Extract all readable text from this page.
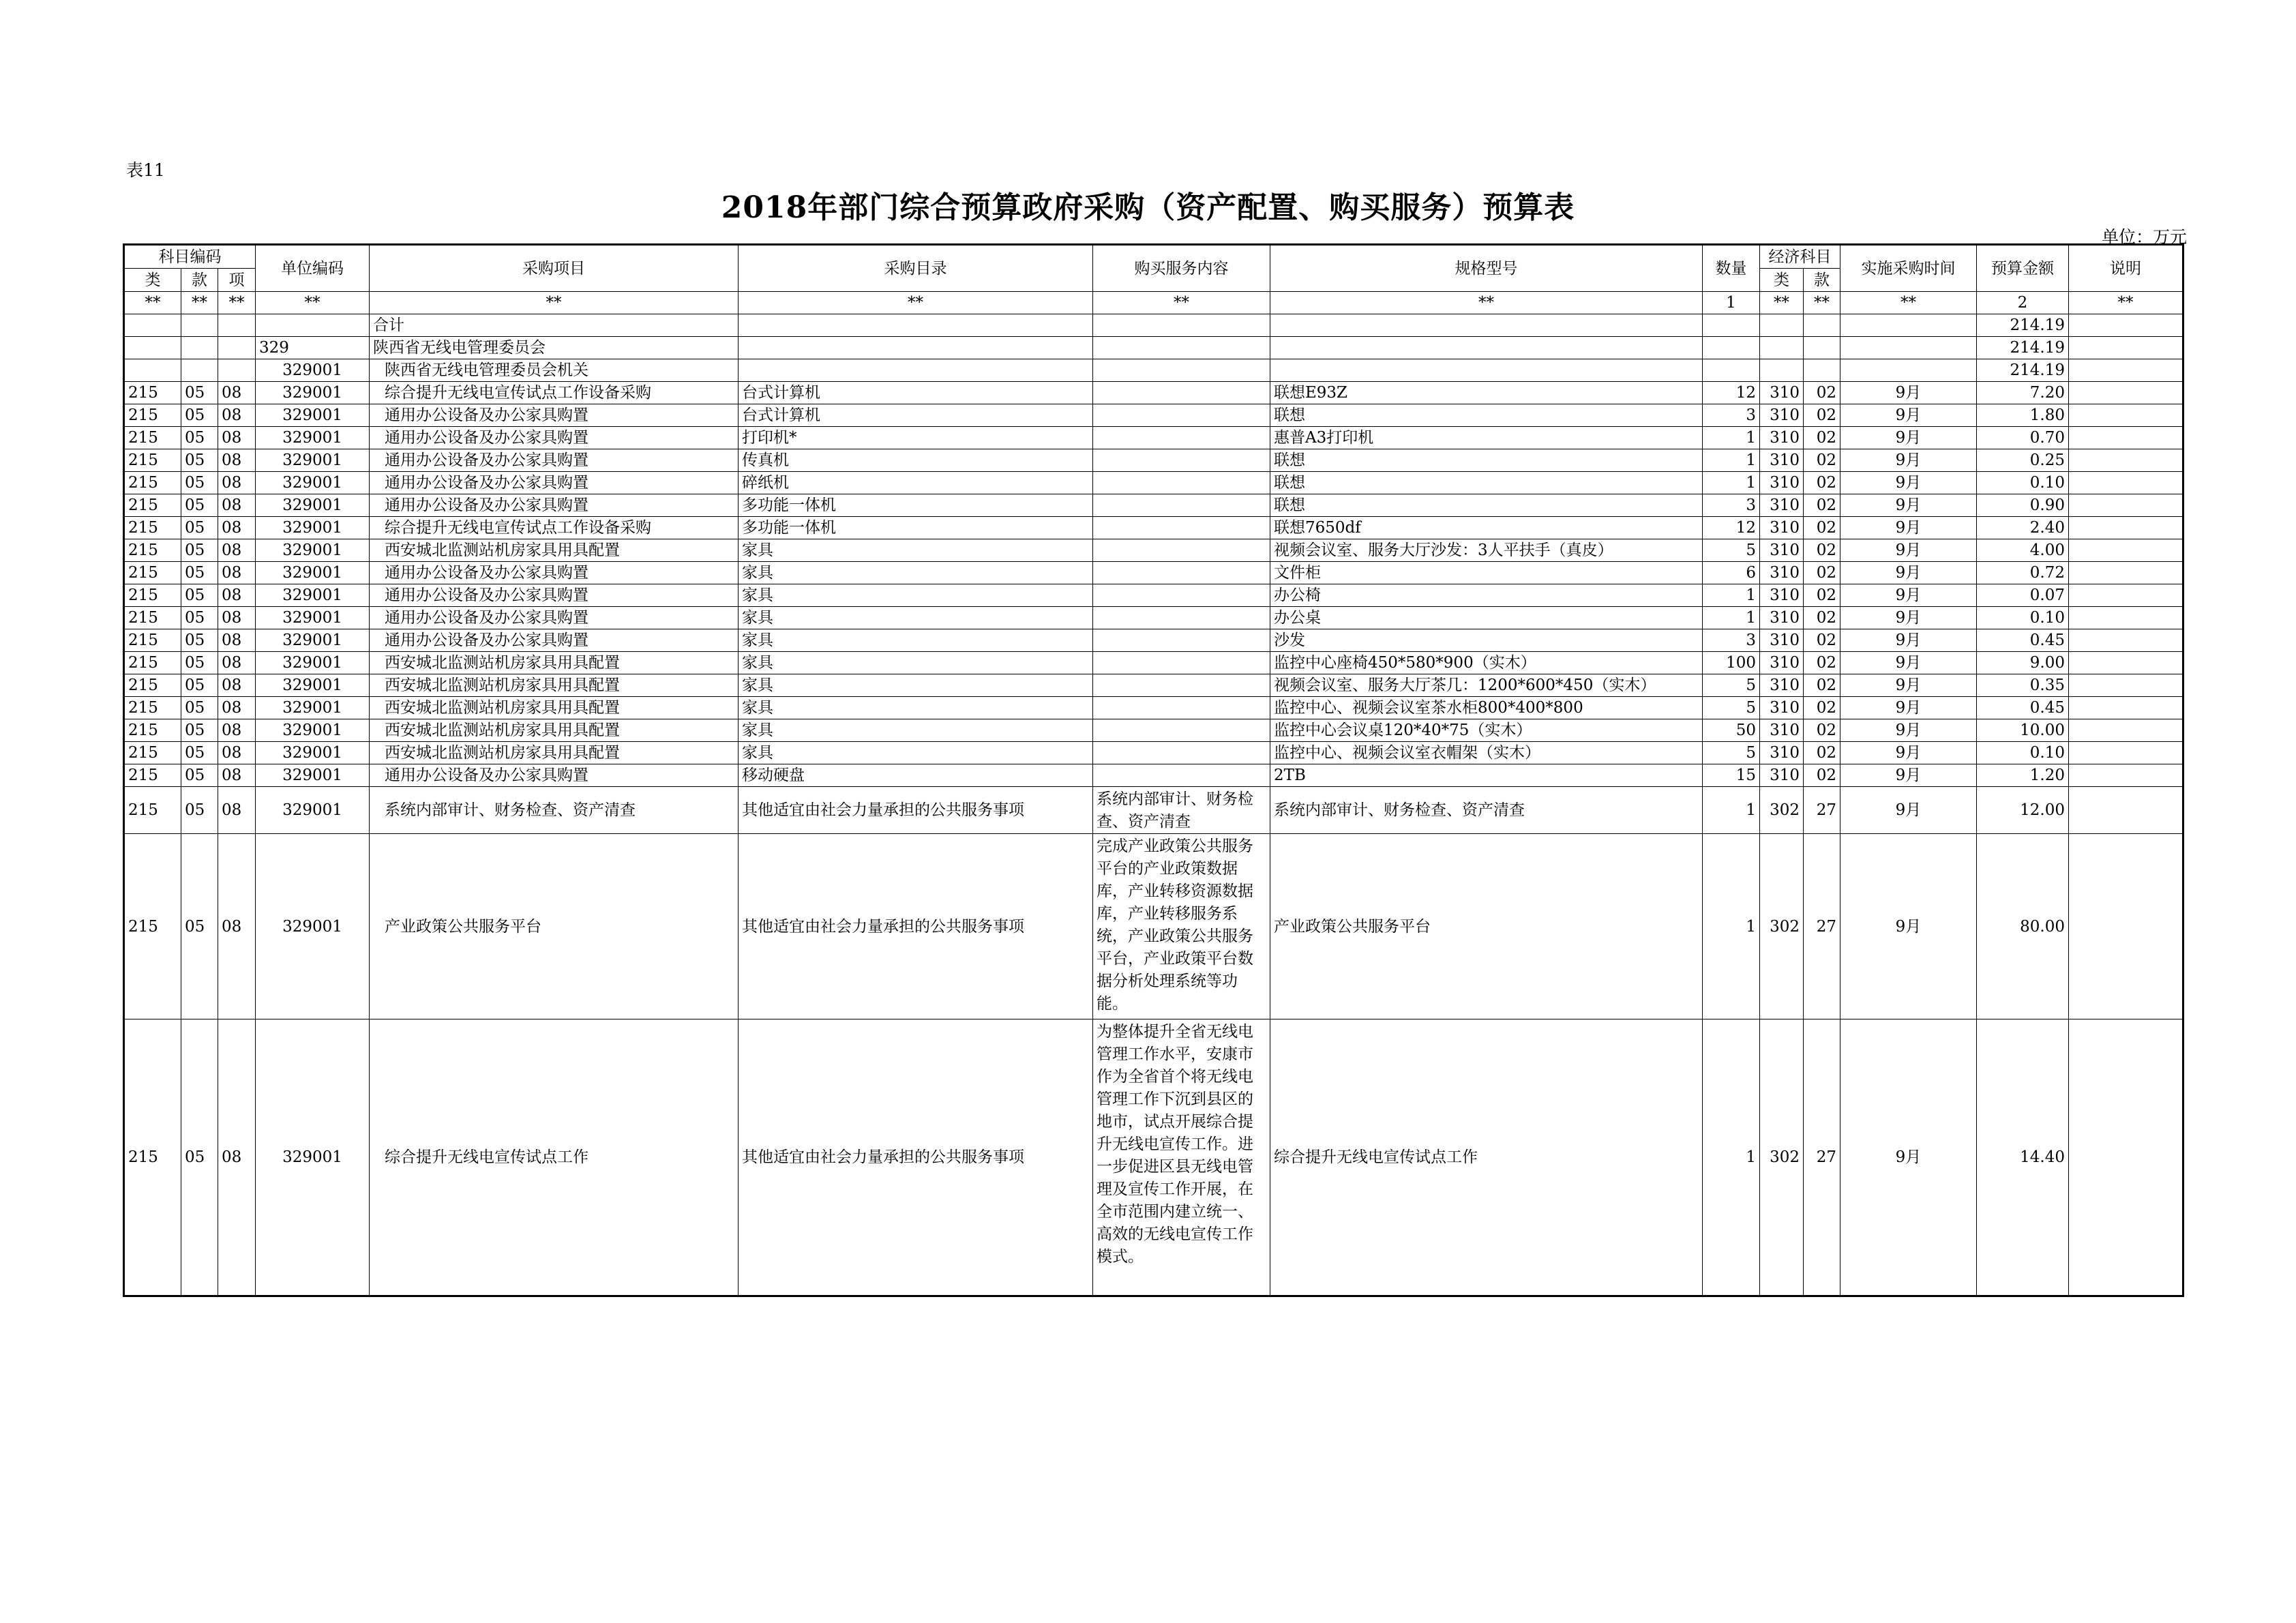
表11
2018年部门综合预算政府采购（资产配置、购买服务）预算表
单位：万元
科目编码			单位编码	采购项目	采购目录	购买服务内容	规格型号	数量	经济科目		实施采购时间	预算金额	说明
类	款	项							类	款			
**	**	**	**	**	**	**	**	1	**	**	**	2	**
				合计								214.19	
			329	陕西省无线电管理委员会								214.19	
			329001	陕西省无线电管理委员会机关								214.19	
215	05	08	329001	综合提升无线电宣传试点工作设备采购	台式计算机		联想E93Z	12	310	02	9月	7.20	
215	05	08	329001	通用办公设备及办公家具购置	台式计算机		联想	3	310	02	9月	1.80	
215	05	08	329001	通用办公设备及办公家具购置	打印机*		惠普A3打印机	1	310	02	9月	0.70	
215	05	08	329001	通用办公设备及办公家具购置	传真机		联想	1	310	02	9月	0.25	
215	05	08	329001	通用办公设备及办公家具购置	碎纸机		联想	1	310	02	9月	0.10	
215	05	08	329001	通用办公设备及办公家具购置	多功能一体机		联想	3	310	02	9月	0.90	
215	05	08	329001	综合提升无线电宣传试点工作设备采购	多功能一体机		联想7650df	12	310	02	9月	2.40	
215	05	08	329001	西安城北监测站机房家具用具配置	家具		视频会议室、服务大厅沙发：3人平扶手（真皮）	5	310	02	9月	4.00	
215	05	08	329001	通用办公设备及办公家具购置	家具		文件柜	6	310	02	9月	0.72	
215	05	08	329001	通用办公设备及办公家具购置	家具		办公椅	1	310	02	9月	0.07	
215	05	08	329001	通用办公设备及办公家具购置	家具		办公桌	1	310	02	9月	0.10	
215	05	08	329001	通用办公设备及办公家具购置	家具		沙发	3	310	02	9月	0.45	
215	05	08	329001	西安城北监测站机房家具用具配置	家具		监控中心座椅450*580*900（实木）	100	310	02	9月	9.00	
215	05	08	329001	西安城北监测站机房家具用具配置	家具		视频会议室、服务大厅茶几：1200*600*450（实木）	5	310	02	9月	0.35	
215	05	08	329001	西安城北监测站机房家具用具配置	家具		监控中心、视频会议室茶水柜800*400*800	5	310	02	9月	0.45	
215	05	08	329001	西安城北监测站机房家具用具配置	家具		监控中心会议桌120*40*75（实木）	50	310	02	9月	10.00	
215	05	08	329001	西安城北监测站机房家具用具配置	家具		监控中心、视频会议室衣帽架（实木）	5	310	02	9月	0.10	
215	05	08	329001	通用办公设备及办公家具购置	移动硬盘		2TB	15	310	02	9月	1.20	
215	05	08	329001	系统内部审计、财务检查、资产清查	其他适宜由社会力量承担的公共服务事项	系统内部审计、财务检查、资产清查	系统内部审计、财务检查、资产清查	1	302	27	9月	12.00	
215	05	08	329001	产业政策公共服务平台	其他适宜由社会力量承担的公共服务事项	完成产业政策公共服务平台的产业政策数据库，产业转移资源数据库，产业转移服务系统，产业政策公共服务平台，产业政策平台数据分析处理系统等功能。	产业政策公共服务平台	1	302	27	9月	80.00	
215	05	08	329001	综合提升无线电宣传试点工作	其他适宜由社会力量承担的公共服务事项	为整体提升全省无线电管理工作水平，安康市作为全省首个将无线电管理工作下沉到县区的地市，试点开展综合提升无线电宣传工作。进一步促进区县无线电管理及宣传工作开展，在全市范围内建立统一、高效的无线电宣传工作模式。	综合提升无线电宣传试点工作	1	302	27	9月	14.40	
